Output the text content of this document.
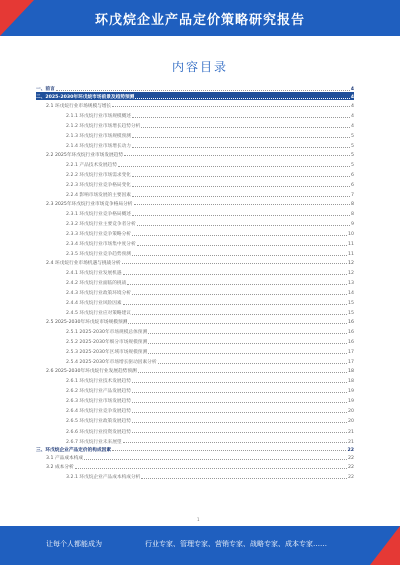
环戊烷企业产品定价策略研究报告
内容目录
一、前言	4
二、2025-2030年环戊烷市场前景及趋势预测	4
2.1 环戊烷行业市场规模与增长	4
2.1.1 环戊烷行业市场规模概述	4
2.1.2 环戊烷行业市场增长趋势分析	4
2.1.3 环戊烷行业市场规模预测	5
2.1.4 环戊烷行业市场增长动力	5
2.2 2025年环戊烷行业市场发展趋势	5
2.2.1 产品技术发展趋势	5
2.2.2 环戊烷行业市场需求变化	6
2.2.3 环戊烷行业竞争格局变化	6
2.2.4 影响市场发展的主要因素	7
2.3 2025年环戊烷行业市场竞争格局分析	8
2.3.1 环戊烷行业竞争格局概述	8
2.3.2 环戊烷行业主要竞争者分析	9
2.3.3 环戊烷行业竞争策略分析	10
2.3.4 环戊烷行业市场集中度分析	11
2.3.5 环戊烷行业竞争趋势预测	11
2.4 环戊烷行业市场机遇与挑战分析	12
2.4.1 环戊烷行业发展机遇	12
2.4.2 环戊烷行业面临的挑战	13
2.4.3 环戊烷行业政策环境分析	14
2.4.4 环戊烷行业风险因素	15
2.4.5 环戊烷行业应对策略建议	15
2.5 2025-2030年环戊烷市场规模预测	16
2.5.1 2025-2030年市场规模总体预测	16
2.5.2 2025-2030年细分市场规模预测	16
2.5.3 2025-2030年区域市场规模预测	17
2.5.4 2025-2030年市场增长驱动因素分析	17
2.6 2025-2030年环戊烷行业发展趋势预测	18
2.6.1 环戊烷行业技术发展趋势	18
2.6.2 环戊烷行业产品发展趋势	19
2.6.3 环戊烷行业市场发展趋势	19
2.6.4 环戊烷行业竞争发展趋势	20
2.6.5 环戊烷行业政策发展趋势	20
2.6.6 环戊烷行业投资发展趋势	21
2.6.7 环戊烷行业未来展望	21
三、环戊烷企业产品定价的构成因素	22
3.1 产品成本构成	22
3.2 成本分析	22
3.2.1 环戊烷企业产品成本构成分析	22
1
让每个人都能成为	行业专家、管理专家、营销专家、战略专家、成本专家……
